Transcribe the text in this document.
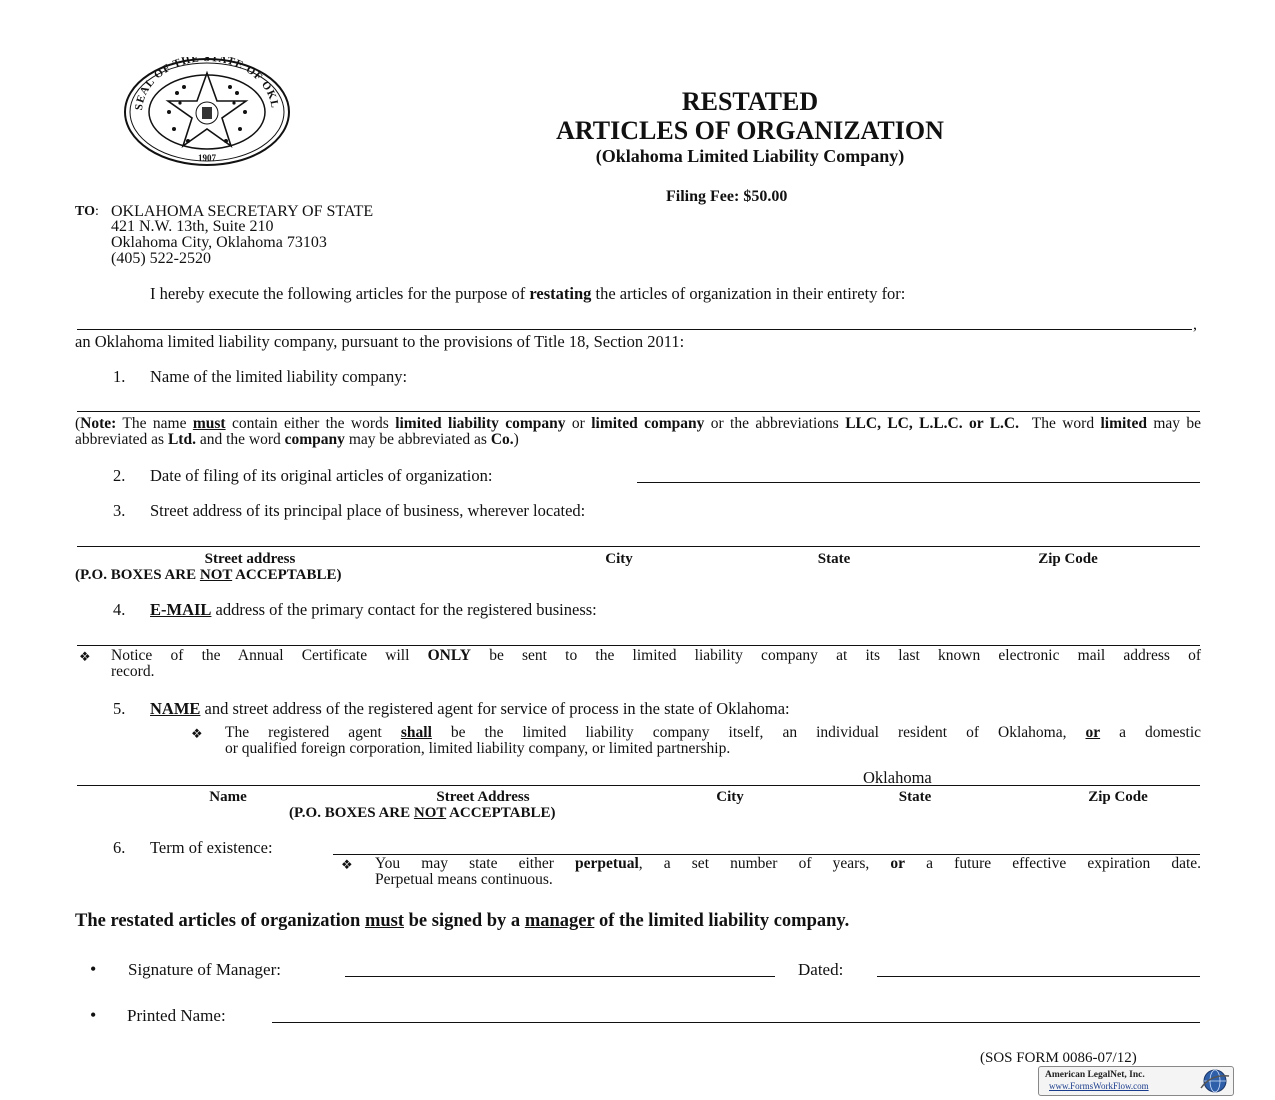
SEAL OF THE STATE OF OKL
1907
RESTATED
ARTICLES OF ORGANIZATION
(Oklahoma Limited Liability Company)
Filing Fee: $50.00
TO: OKLAHOMA SECRETARY OF STATE
421 N.W. 13th, Suite 210
Oklahoma City, Oklahoma 73103
(405) 522-2520
I hereby execute the following articles for the purpose of restating the articles of organization in their entirety for:
,
an Oklahoma limited liability company, pursuant to the provisions of Title 18, Section 2011:
1. Name of the limited liability company:
(Note: The name must contain either the words limited liability company or limited company or the abbreviations LLC, LC, L.L.C. or L.C. The word limited may be abbreviated as Ltd. and the word company may be abbreviated as Co.)
2. Date of filing of its original articles of organization:
3. Street address of its principal place of business, wherever located:
Street address	City	State	Zip Code
(P.O. BOXES ARE NOT ACCEPTABLE)
4. E-MAIL address of the primary contact for the registered business:
❖ Notice of the Annual Certificate will ONLY be sent to the limited liability company at its last known electronic mail address of
record.
5. NAME and street address of the registered agent for service of process in the state of Oklahoma:
❖ The registered agent shall be the limited liability company itself, an individual resident of Oklahoma, or a domestic
or qualified foreign corporation, limited liability company, or limited partnership.
Oklahoma
Name	Street Address	City	State	Zip Code
(P.O. BOXES ARE NOT ACCEPTABLE)
6. Term of existence:
❖ You may state either perpetual, a set number of years, or a future effective expiration date.
Perpetual means continuous.
The restated articles of organization must be signed by a manager of the limited liability company.
• Signature of Manager:	Dated:
• Printed Name:
(SOS FORM 0086-07/12)
American LegalNet, Inc.
www.FormsWorkFlow.com
